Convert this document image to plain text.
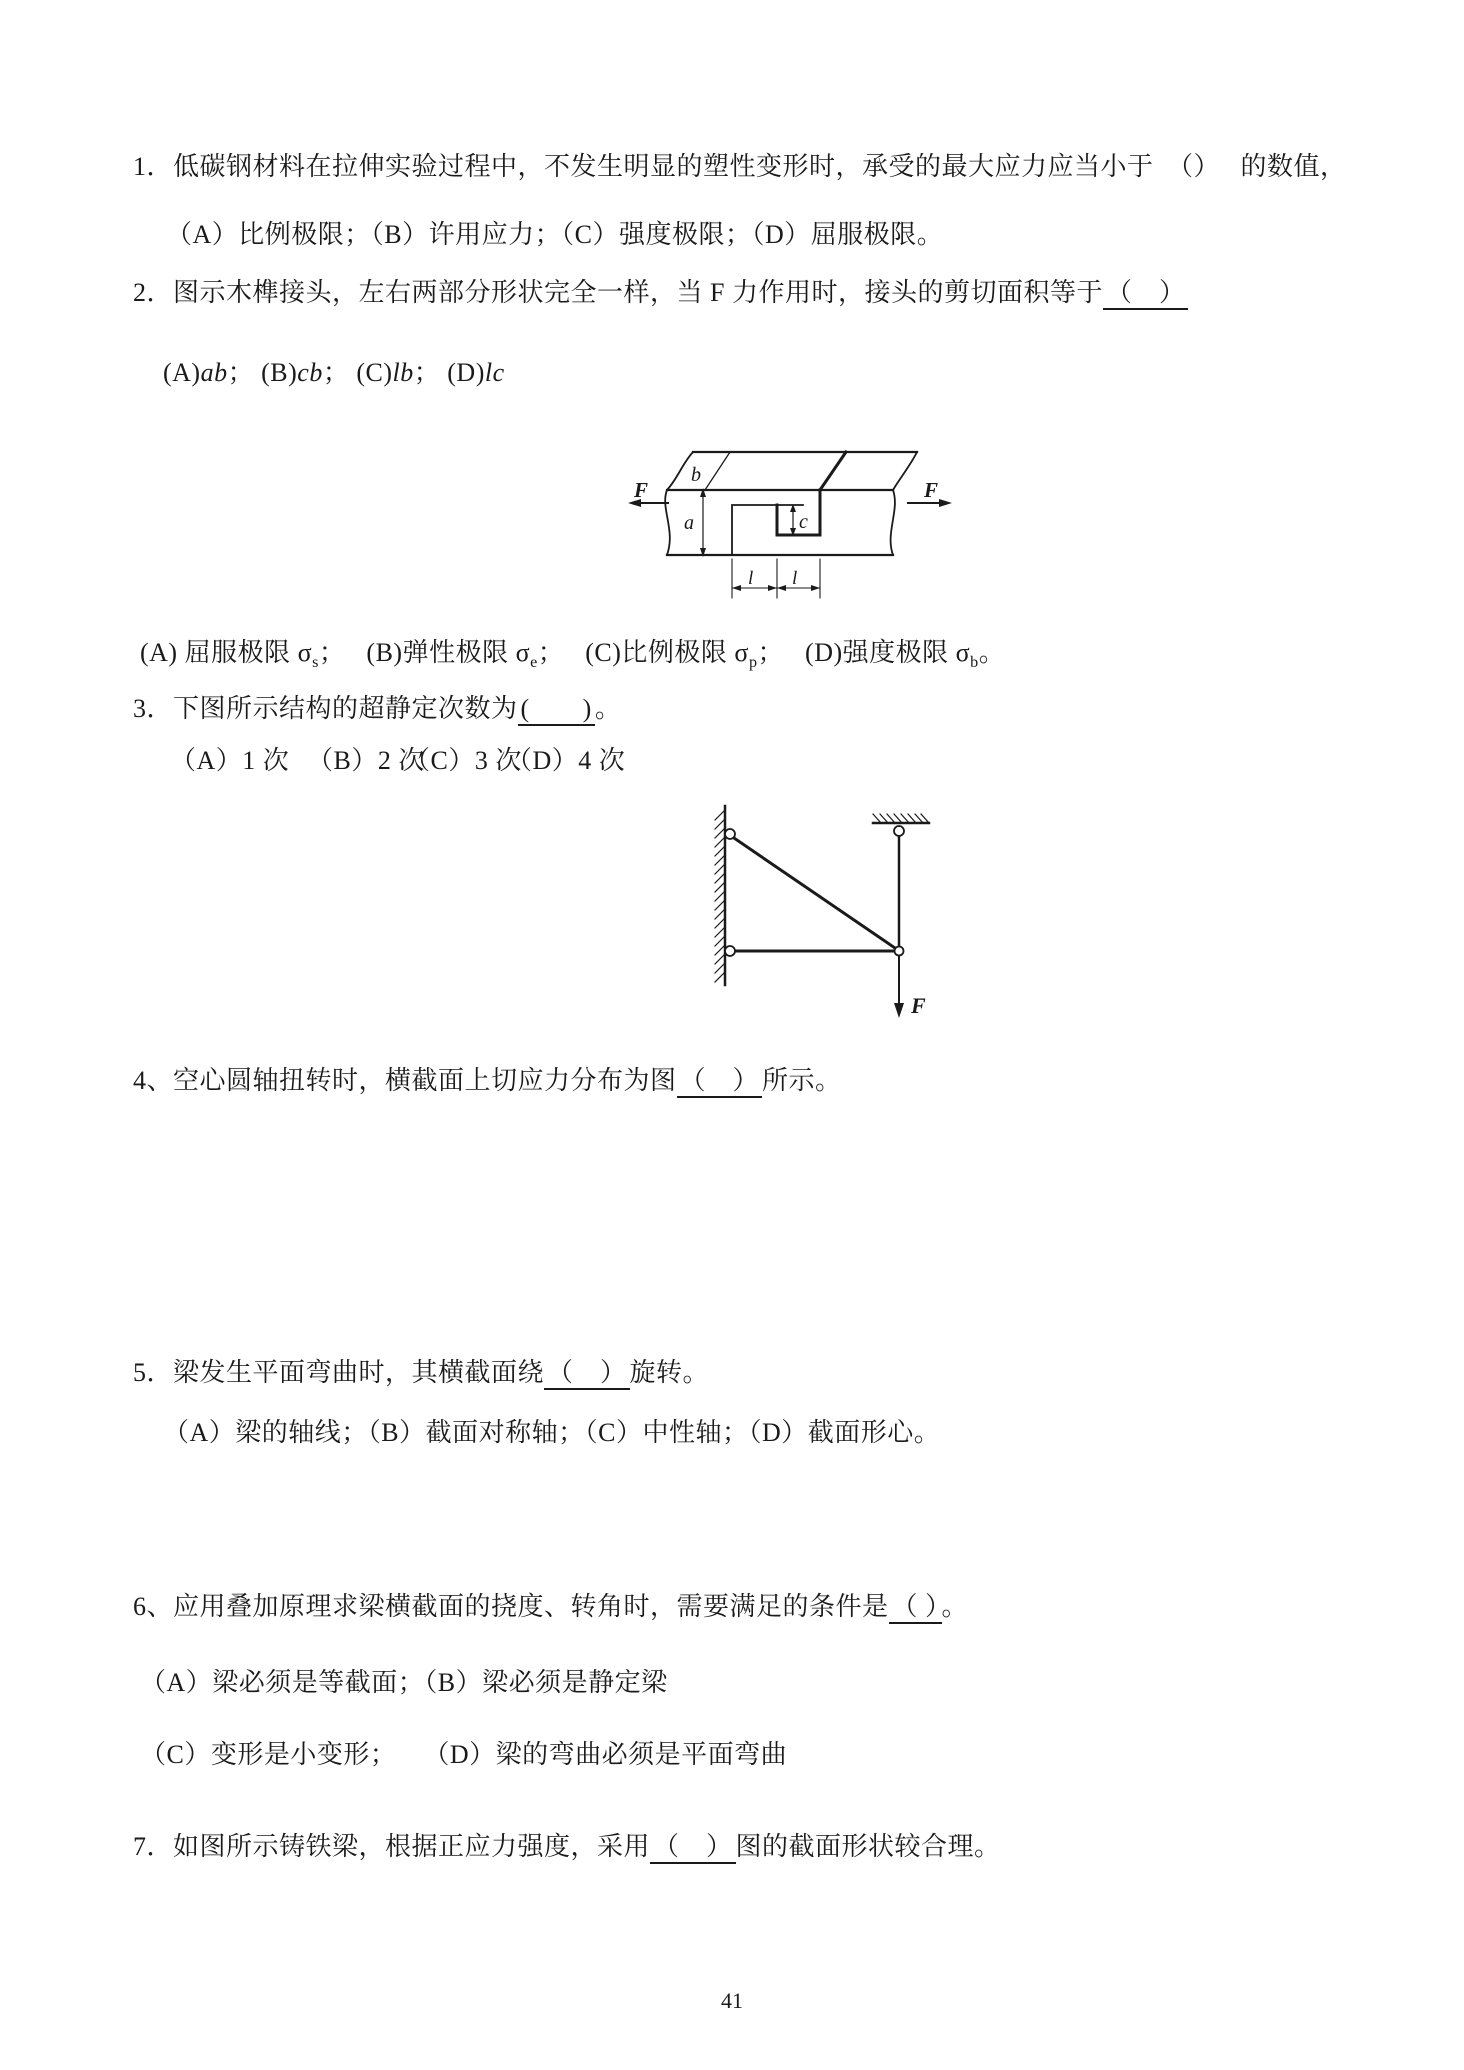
1．低碳钢材料在拉伸实验过程中，不发生明显的塑性变形时，承受的最大应力应当小于　（）　 的数值，
（A）比例极限；（B）许用应力；（C）强度极限；（D）屈服极限。
2．图示木榫接头，左右两部分形状完全一样，当 F 力作用时，接头的剪切面积等于 （　）
(A)ab； (B)cb； (C)lb； (D)lc
F	F
b
a	c
l l
(A) 屈服极限 $\sigma_s$； (B)弹性极限 $\sigma_e$； (C)比例极限 $\sigma_p$； (D)强度极限 $\sigma_b$。
3．下图所示结构的超静定次数为 (　　) 。
（A）1 次 （B）2 次
（C）3 次
（D）4 次
F
4、空心圆轴扭转时，横截面上切应力分布为图 （　） 所示。
5．梁发生平面弯曲时，其横截面绕 （　） 旋转。
（A）梁的轴线；（B）截面对称轴；（C）中性轴；（D）截面形心。
6、应用叠加原理求梁横截面的挠度、转角时，需要满足的条件是 （ ） 。
（A）梁必须是等截面；（B）梁必须是静定梁
（C）变形是小变形；　　（D）梁的弯曲必须是平面弯曲
7．如图所示铸铁梁，根据正应力强度，采用 （　） 图的截面形状较合理。
41
